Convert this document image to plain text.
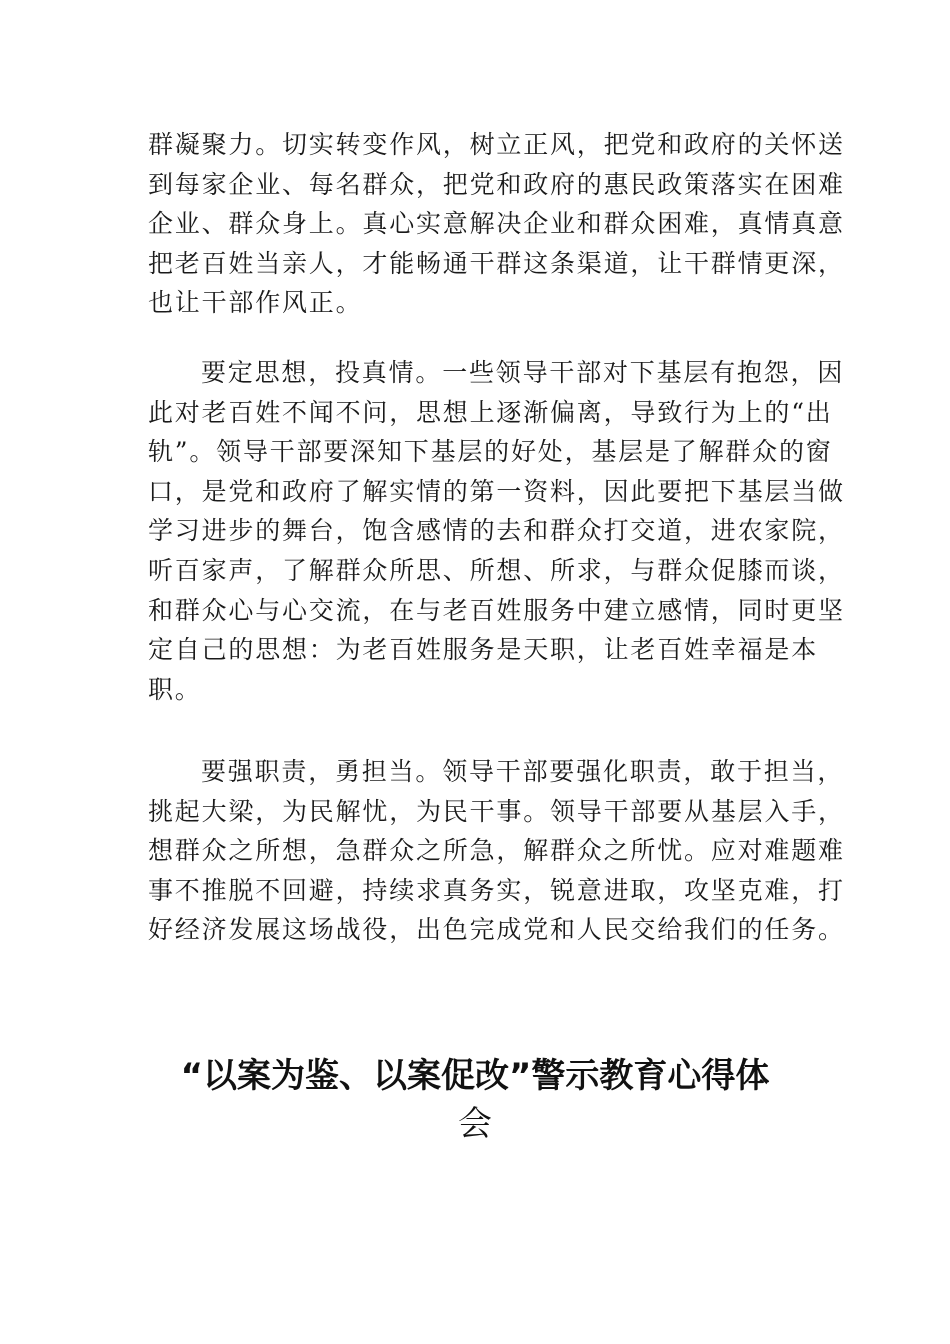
群凝聚力。切实转变作风，树立正风，把党和政府的关怀送
到每家企业、每名群众，把党和政府的惠民政策落实在困难
企业、群众身上。真心实意解决企业和群众困难，真情真意
把老百姓当亲人，才能畅通干群这条渠道，让干群情更深，
也让干部作风正。
要定思想，投真情。一些领导干部对下基层有抱怨，因
此对老百姓不闻不问，思想上逐渐偏离，导致行为上的“出
轨”。领导干部要深知下基层的好处，基层是了解群众的窗
口，是党和政府了解实情的第一资料，因此要把下基层当做
学习进步的舞台，饱含感情的去和群众打交道，进农家院，
听百家声，了解群众所思、所想、所求，与群众促膝而谈，
和群众心与心交流，在与老百姓服务中建立感情，同时更坚
定自己的思想：为老百姓服务是天职，让老百姓幸福是本
职。
要强职责，勇担当。领导干部要强化职责，敢于担当，
挑起大梁，为民解忧，为民干事。领导干部要从基层入手，
想群众之所想，急群众之所急，解群众之所忧。应对难题难
事不推脱不回避，持续求真务实，锐意进取，攻坚克难，打
好经济发展这场战役，出色完成党和人民交给我们的任务。
“以案为鉴、以案促改”警示教育心得体
会
